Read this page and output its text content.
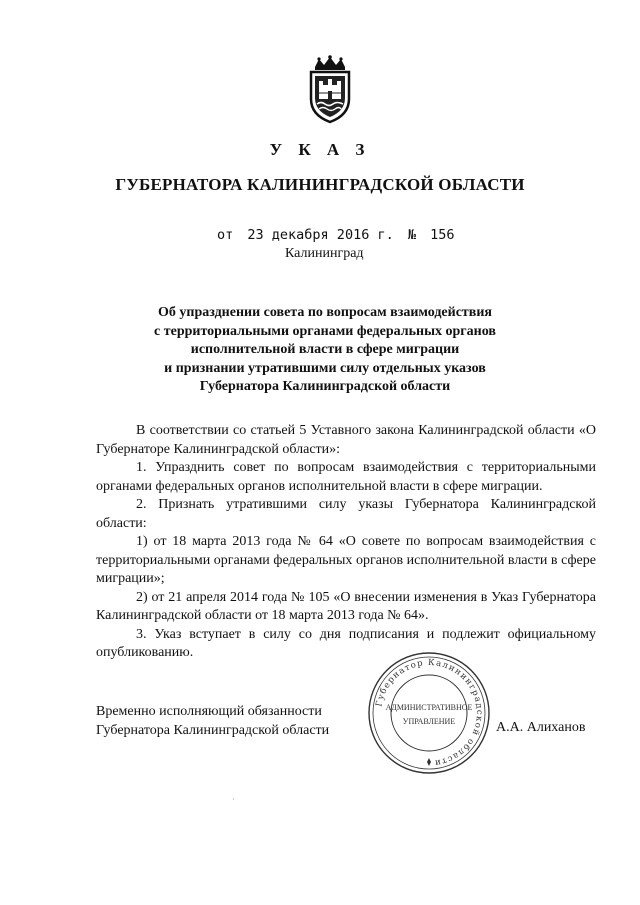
У К А З
ГУБЕРНАТОРА КАЛИНИНГРАДСКОЙ ОБЛАСТИ
от 23 декабря 2016 г. № 156
Калининград
Об упразднении совета по вопросам взаимодействия
с территориальными органами федеральных органов
исполнительной власти в сфере миграции
и признании утратившими силу отдельных указов
Губернатора Калининградской области

В соответствии со статьей 5 Уставного закона Калининградской области «О Губернаторе Калининградской области»:

1. Упразднить совет по вопросам взаимодействия с территориальными органами федеральных органов исполнительной власти в сфере миграции.

2. Признать утратившими силу указы Губернатора Калининградской области:

1) от 18 марта 2013 года № 64 «О совете по вопросам взаимодействия с территориальными органами федеральных органов исполнительной власти в сфере миграции»;

2) от 21 апреля 2014 года № 105 «О внесении изменения в Указ Губернатора Калининградской области от 18 марта 2013 года № 64».

3. Указ вступает в силу со дня подписания и подлежит официальному опубликованию.

Временно исполняющий обязанности
Губернатора Калининградской области
Губернатор Калининградской области
АДМИНИСТРАТИВНОЕ
УПРАВЛЕНИЕ	А.А. Алиханов
·
